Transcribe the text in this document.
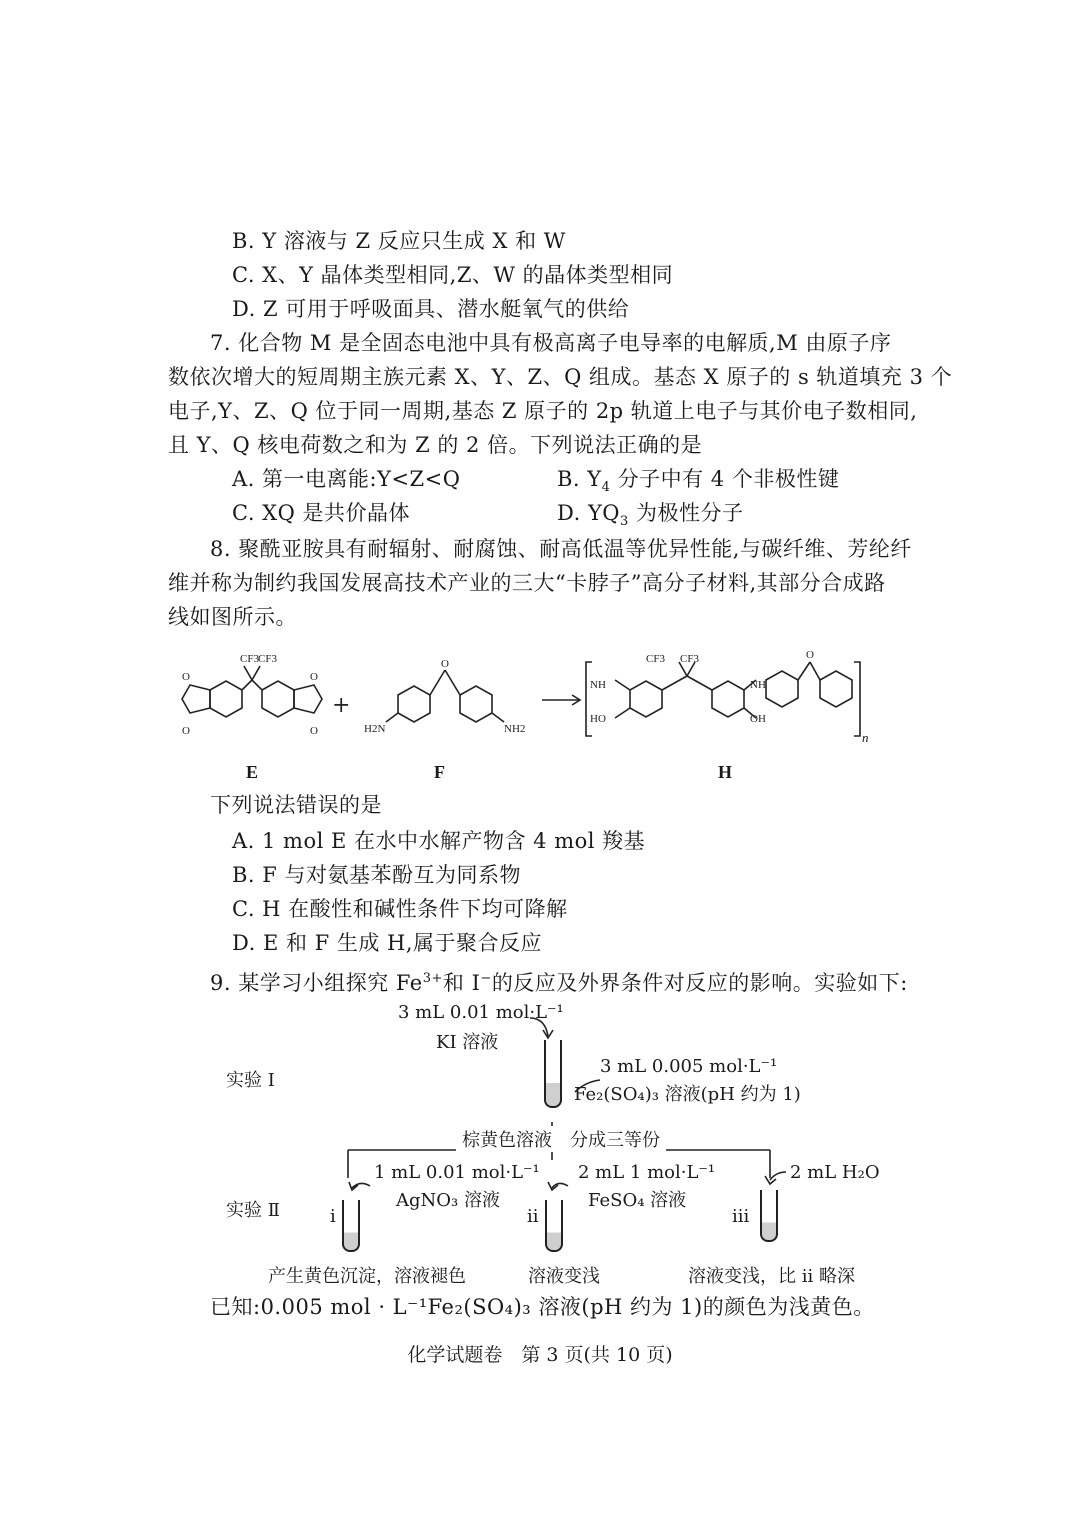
B. Y 溶液与 Z 反应只生成 X 和 W
C. X、Y 晶体类型相同,Z、W 的晶体类型相同
D. Z 可用于呼吸面具、潜水艇氧气的供给
7. 化合物 M 是全固态电池中具有极高离子电导率的电解质,M 由原子序
数依次增大的短周期主族元素 X、Y、Z、Q 组成。基态 X 原子的 s 轨道填充 3 个
电子,Y、Z、Q 位于同一周期,基态 Z 原子的 2p 轨道上电子与其价电子数相同,
且 Y、Q 核电荷数之和为 Z 的 2 倍。下列说法正确的是
A. 第一电离能:Y<Z<Q	B. $Y_4$ 分子中有 4 个非极性键
C. XQ 是共价晶体	D. $YQ_3$ 为极性分子
8. 聚酰亚胺具有耐辐射、耐腐蚀、耐高低温等优异性能,与碳纤维、芳纶纤
维并称为制约我国发展高技术产业的三大“卡脖子”高分子材料,其部分合成路
线如图所示。
CF3 CF3
O	O
O	O
O
H2N	NH2
CF3 CF3
NH	NH
HO	OH
O
n
+
E	F	H
下列说法错误的是
A. 1 mol E 在水中水解产物含 4 mol 羧基
B. F 与对氨基苯酚互为同系物
C. H 在酸性和碱性条件下均可降解
D. E 和 F 生成 H,属于聚合反应
9. 某学习小组探究 $Fe^{3+}$和 I−的反应及外界条件对反应的影响。实验如下:
3 mL 0.01 mol·L⁻¹
KI 溶液
实验 Ⅰ
3 mL 0.005 mol·L⁻¹
Fe₂(SO₄)₃ 溶液(pH 约为 1)
棕黄色溶液　 分成三等份
实验 Ⅱ
1 mL 0.01 mol·L⁻¹
AgNO₃ 溶液
2 mL 1 mol·L⁻¹
FeSO₄ 溶液
2 mL H₂O
i	ii	iii
产生黄色沉淀，溶液褪色	溶液变浅	溶液变浅，比 ii 略深
已知:0.005 mol · L⁻¹Fe₂(SO₄)₃ 溶液(pH 约为 1)的颜色为浅黄色。
化学试题卷　第 3 页(共 10 页)
